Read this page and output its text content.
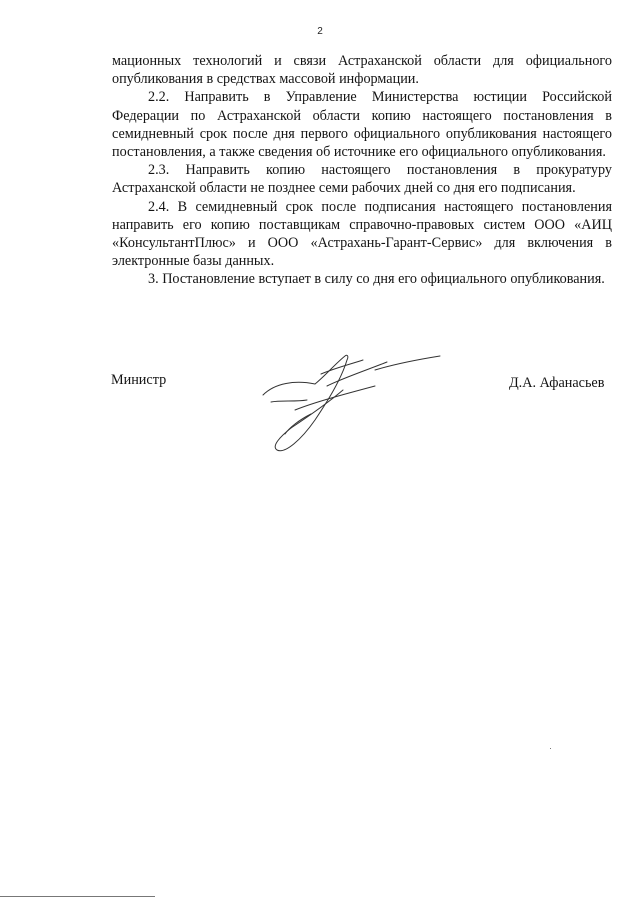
2

мационных технологий и связи Астраханской области для официального опубликования в средствах массовой информации.

2.2. Направить в Управление Министерства юстиции Российской Федерации по Астраханской области копию настоящего постановления в семидневный срок после дня первого официального опубликования настоящего постановления, а также сведения об источнике его официального опубликования.

2.3. Направить копию настоящего постановления в прокуратуру Астраханской области не позднее семи рабочих дней со дня его подписания.

2.4. В семидневный срок после подписания настоящего постановления направить его копию поставщикам справочно-правовых систем ООО «АИЦ «КонсультантПлюс» и ООО «Астрахань-Гарант-Сервис» для включения в электронные базы данных.

3. Постановление вступает в силу со дня его официального опубликования.

Министр	Д.А. Афанасьев
